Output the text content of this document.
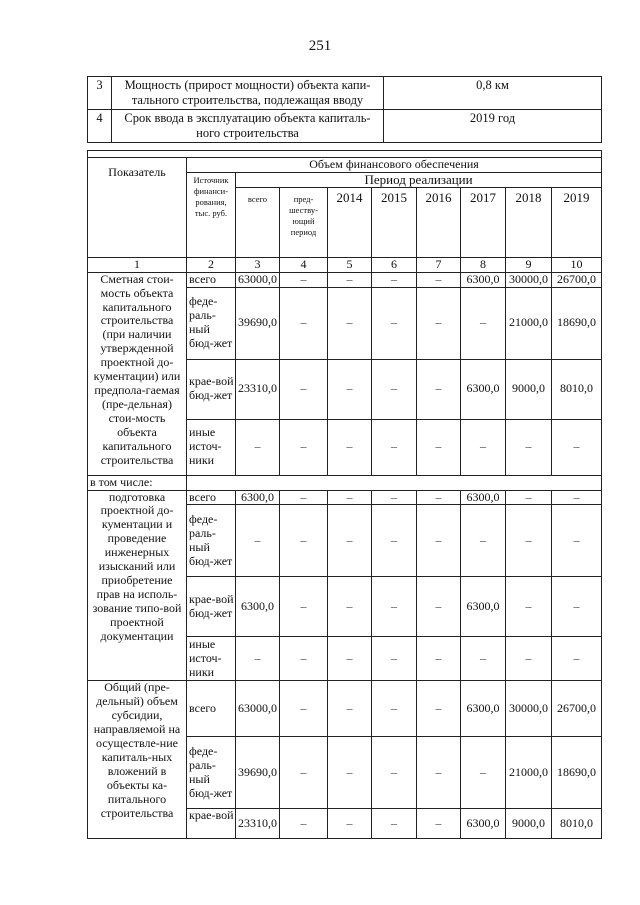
251
3	Мощность (прирост мощности) объекта капи-тального строительства, подлежащая вводу	0,8 км
4	Срок ввода в эксплуатацию объекта капиталь-ного строительства	2019 год

Показатель	Объем финансового обеспечения								
	Источник финанси-рования, тыс. руб.	Период реализации							
		всего	пред-шеству-ющий период	2014	2015	2016	2017	2018	2019
1	2	3	4	5	6	7	8	9	10
Сметная стои-мость объекта капитального строительства (при наличии утвержденной проектной до-кументации) или предпола-гаемая (пре-дельная) стои-мость объекта капитального строительства	всего	63000,0	–	–	–	–	6300,0	30000,0	26700,0
	феде-раль-ный бюд-жет	39690,0	–	–	–	–	–	21000,0	18690,0
	крае-вой бюд-жет	23310,0	–	–	–	–	6300,0	9000,0	8010,0
	иные источ-ники	–	–	–	–	–	–	–	–
в том числе:									
подготовка проектной до-кументации и проведение инженерных изысканий или приобретение прав на исполь-зование типо-вой проектной документации	всего	6300,0	–	–	–	–	6300,0	–	–
	феде-раль-ный бюд-жет	–	–	–	–	–	–	–	–
	крае-вой бюд-жет	6300,0	–	–	–	–	6300,0	–	–
	иные источ-ники	–	–	–	–	–	–	–	–
Общий (пре-дельный) объем субсидии, направляемой на осуществле-ние капиталь-ных вложений в объекты ка-питального строительства	всего	63000,0	–	–	–	–	6300,0	30000,0	26700,0
	феде-раль-ный бюд-жет	39690,0	–	–	–	–	–	21000,0	18690,0
	крае-вой	23310,0	–	–	–	–	6300,0	9000,0	8010,0
